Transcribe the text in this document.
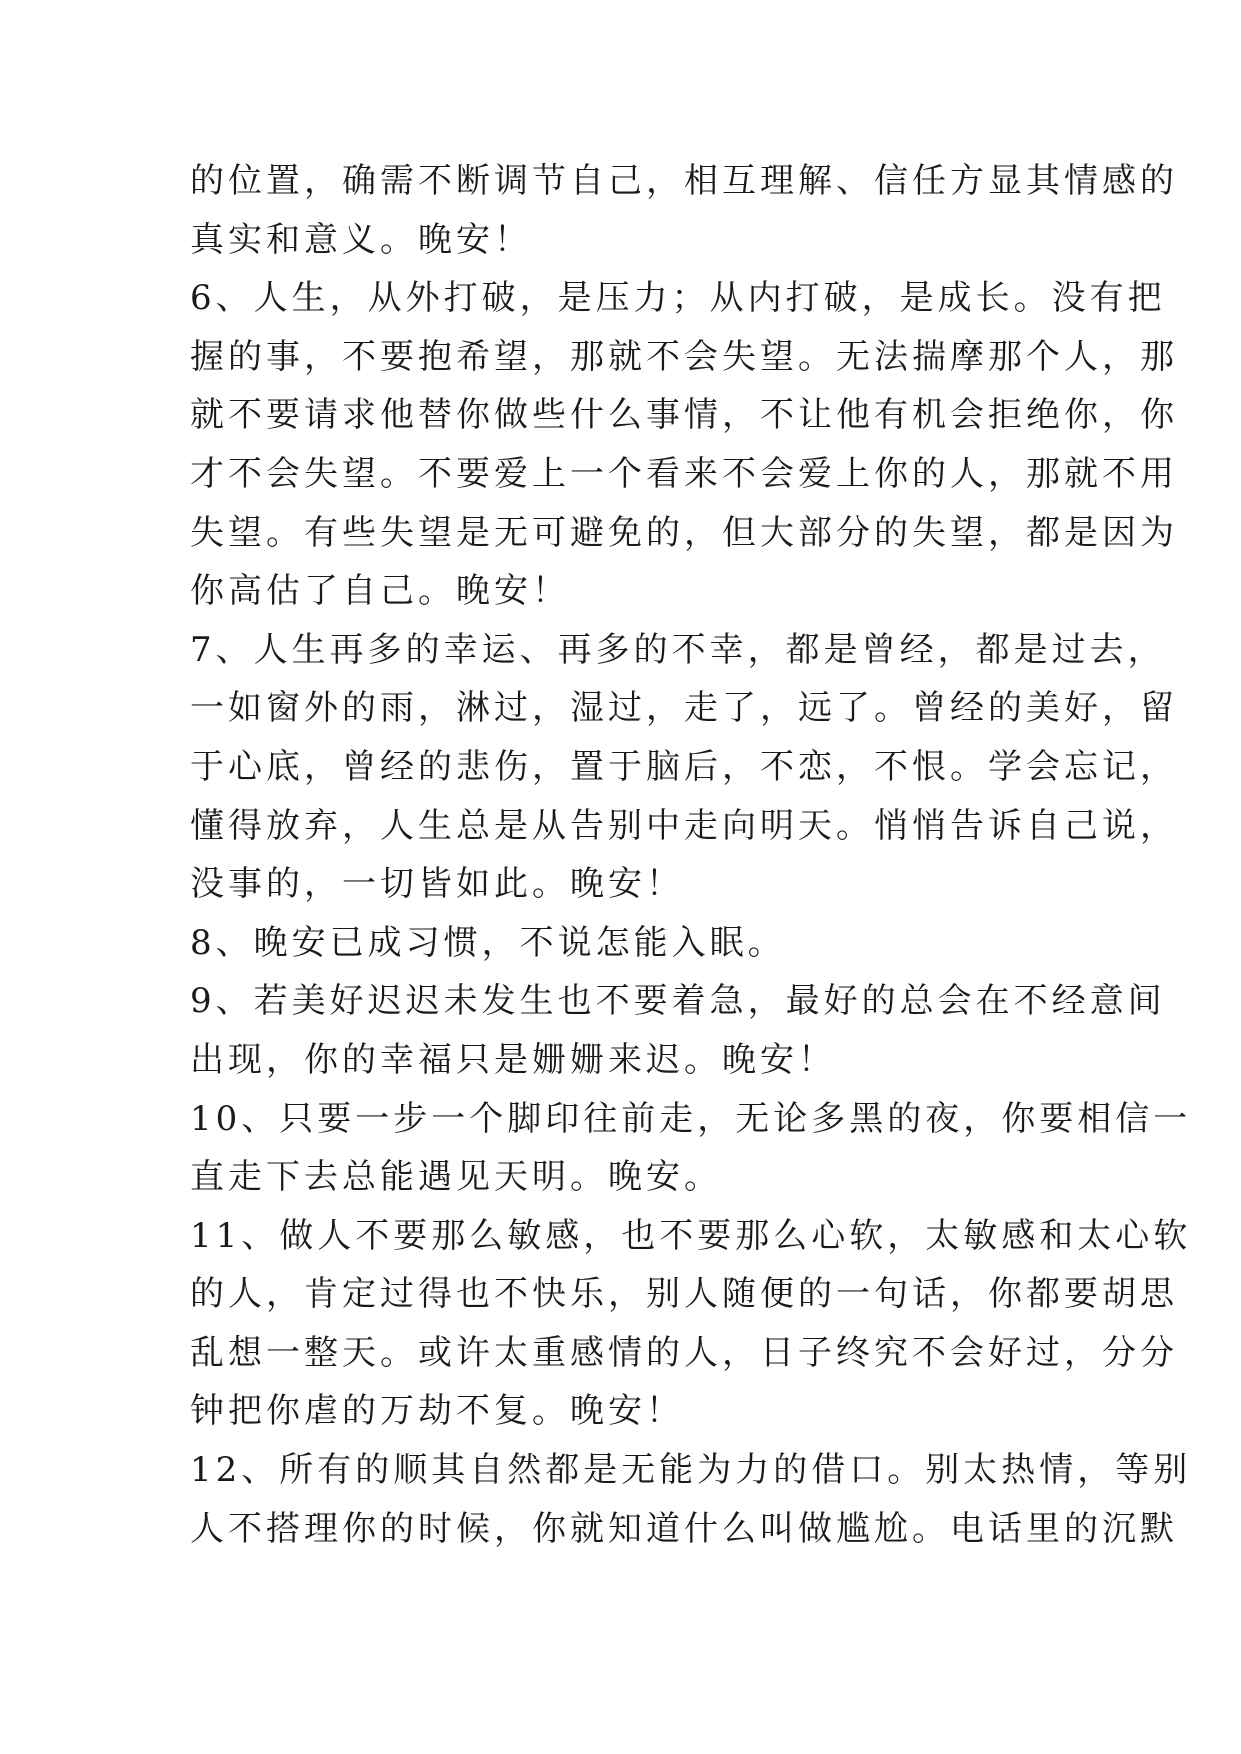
的位置，确需不断调节自己，相互理解、信任方显其情感的
真实和意义。晚安！
6、人生，从外打破，是压力；从内打破，是成长。没有把
握的事，不要抱希望，那就不会失望。无法揣摩那个人，那
就不要请求他替你做些什么事情，不让他有机会拒绝你，你
才不会失望。不要爱上一个看来不会爱上你的人，那就不用
失望。有些失望是无可避免的，但大部分的失望，都是因为
你高估了自己。晚安！
7、人生再多的幸运、再多的不幸，都是曾经，都是过去，
一如窗外的雨，淋过，湿过，走了，远了。曾经的美好，留
于心底，曾经的悲伤，置于脑后，不恋，不恨。学会忘记，
懂得放弃，人生总是从告别中走向明天。悄悄告诉自己说，
没事的，一切皆如此。晚安！
8、晚安已成习惯，不说怎能入眠。
9、若美好迟迟未发生也不要着急，最好的总会在不经意间
出现，你的幸福只是姗姗来迟。晚安！
10、只要一步一个脚印往前走，无论多黑的夜，你要相信一
直走下去总能遇见天明。晚安。
11、做人不要那么敏感，也不要那么心软，太敏感和太心软
的人，肯定过得也不快乐，别人随便的一句话，你都要胡思
乱想一整天。或许太重感情的人，日子终究不会好过，分分
钟把你虐的万劫不复。晚安！
12、所有的顺其自然都是无能为力的借口。别太热情，等别
人不搭理你的时候，你就知道什么叫做尴尬。电话里的沉默
